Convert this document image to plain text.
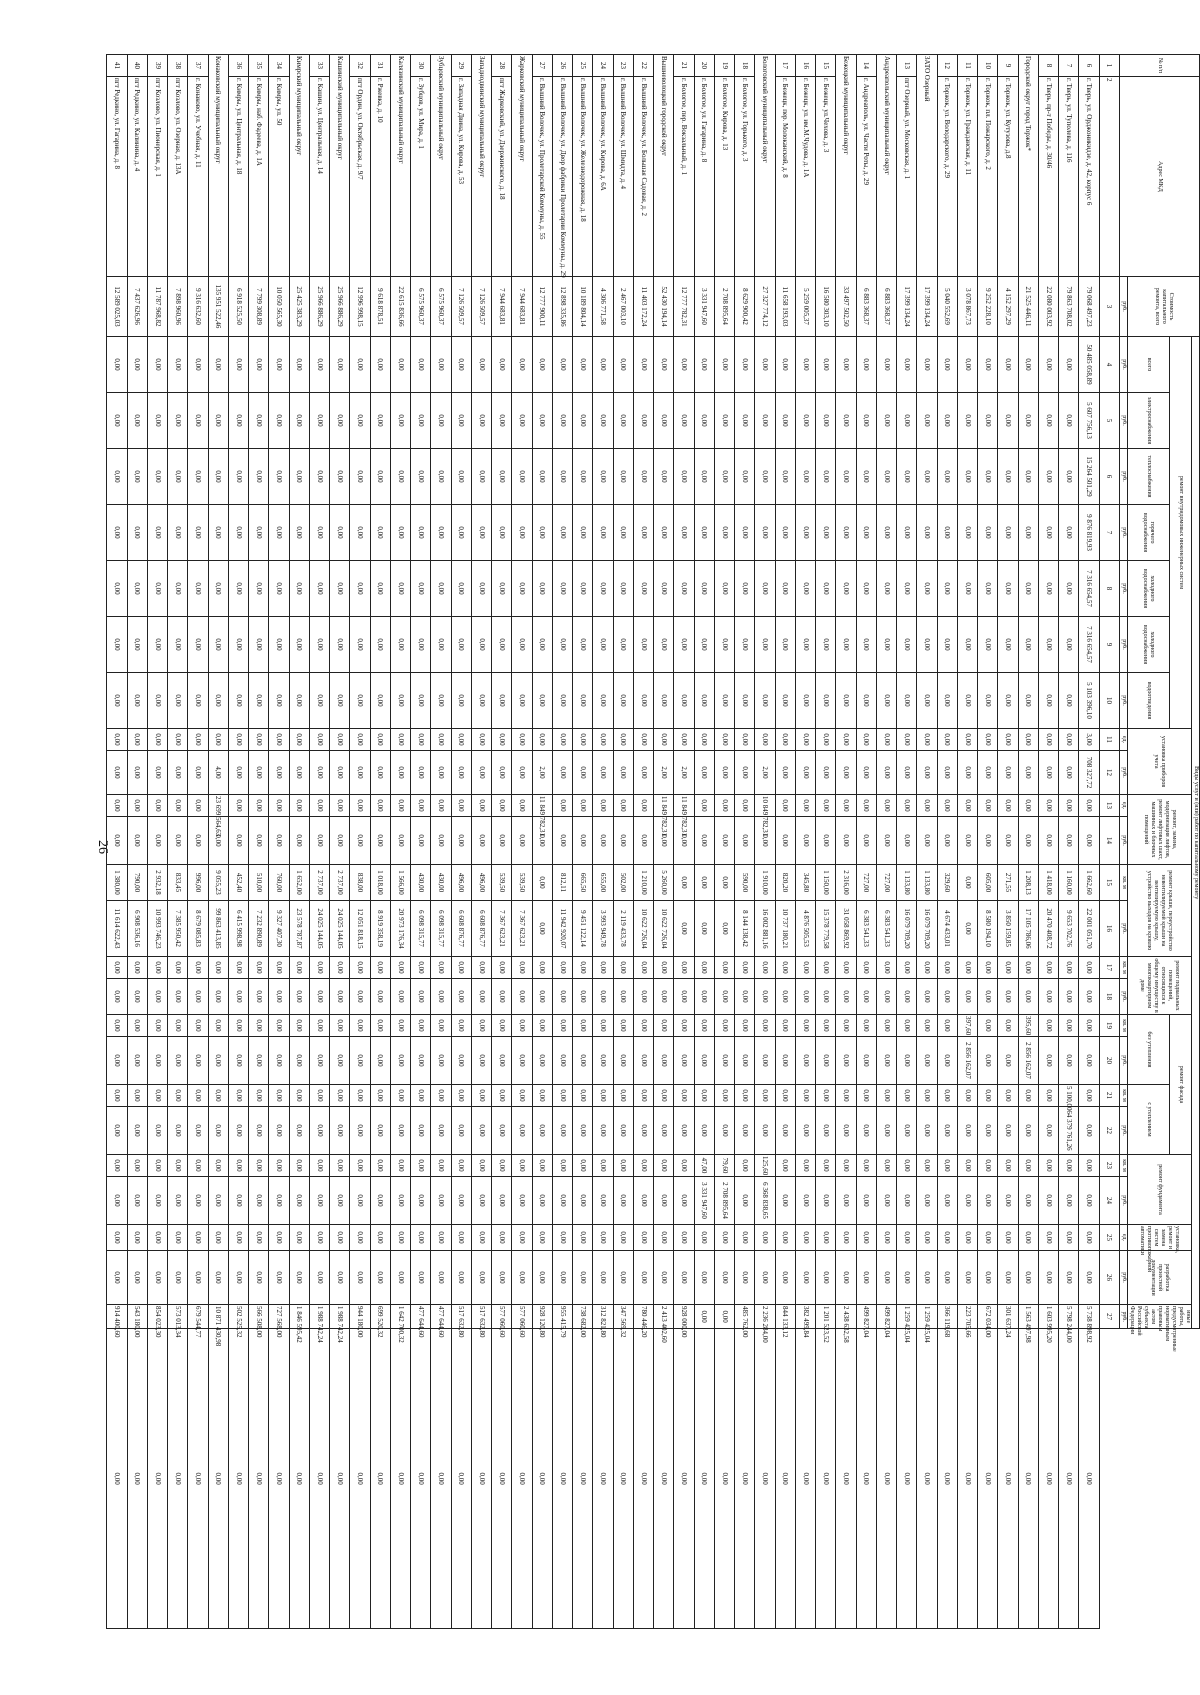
26
№ п/п	Адрес МКД	Стоимость капитального ремонта, всего	Виды услуг и (или) работ по капитальному ремонту																								
			ремонт внутридомовых инженерных систем							установка приборов учета		ремонт, замена, модернизация лифтов, ремонт лифтовых шахт, машинных и блочных помещений		ремонт крыши, переустройство невентилируемой крыши на вентилируемую крышу, устройство выходов на кровлю		ремонт подвальных помещений, относящихся к общему имуществу в многоквартирном доме		ремонт фасада				ремонт фундамента		установка, ремонт и замена систем противопожарной автоматики	разработка проектной документации	иные работы, предусмотренные нормативным правовым актом субъекта Российской Федерации	
			всего	электроснабжения	теплоснабжения	горячего водоснабжения	холодного водоснабжения	холодного водоснабжения	водоотведения									без утепления		с утеплением							
		руб.	руб.	руб.	руб.	руб.	руб.	руб.	руб.	ед.	руб.	ед.	руб.	кв. м	руб.	кв. м	руб.	кв. м	руб.	кв. м	руб.	кв. м	руб.	ед.	руб.	руб.	
1	2	3	4	5	6	7	8	9	10	11	12	13	14	15	16	17	18	19	20	21	22	23	24	25	26	27	
6	г. Тверь, ул. Орджоникидзе, д. 42, корпус 6	79 068 497,23	50 485 058,89	5 607 756,13	15 264 501,29	9 876 819,93	7 316 654,57	7 316 654,57	5 103 396,10	3,00	708 327,72	0,00	0,00	1 662,60	22 001 051,70	0,00	0,00	0,00	0,00	0,00	0,00	0,00	0,00	0,00	0,00	5 738 898,92	0,00
7	г. Тверь, ул. Туполева, д. 116	79 863 708,02	0,00	0,00	0,00	0,00	0,00	0,00	0,00	0,00	0,00	0,00	0,00	1 160,00	9 653 702,76	0,00	0,00	0,00	0,00	5 100,00	64 379 761,26	0,00	0,00	0,00	0,00	5 798 244,00	0,00
8	г. Тверь, пр-т Победы, д. 30/46	22 080 003,92	0,00	0,00	0,00	0,00	0,00	0,00	0,00	0,00	0,00	0,00	0,00	1 418,00	20 470 408,72	0,00	0,00	0,00	0,00	0,00	0,00	0,00	0,00	0,00	0,00	1 603 995,20	0,00
Городской округ город Торжок*		21 525 446,11	0,00	0,00	0,00	0,00	0,00	0,00	0,00	0,00	0,00	0,00	0,00	1 208,13	17 105 786,06	0,00	0,00	395,60	2 856 162,07	0,00	0,00	0,00	0,00	0,00	0,00	1 563 497,98	0,00
9	г. Торжок, ул. Кутузова, д.8	4 152 297,29	0,00	0,00	0,00	0,00	0,00	0,00	0,00	0,00	0,00	0,00	0,00	271,55	3 850 159,85	0,00	0,00	0,00	0,00	0,00	0,00	0,00	0,00	0,00	0,00	301 637,24	0,00
10	г. Торжок, пл. Пожарского, д. 2	9 252 228,10	0,00	0,00	0,00	0,00	0,00	0,00	0,00	0,00	0,00	0,00	0,00	605,00	8 580 194,10	0,00	0,00	0,00	0,00	0,00	0,00	0,00	0,00	0,00	0,00	672 034,00	0,00
11	г. Торжок, ул. Гражданская, д. 11	3 078 867,73	0,00	0,00	0,00	0,00	0,00	0,00	0,00	0,00	0,00	0,00	0,00	0,00	0,00	0,00	0,00	397,60	2 856 162,07	0,00	0,00	0,00	0,00	0,00	0,00	223 705,66	0,00
12	г. Торжок, ул. Володарского, д. 29	5 040 552,69	0,00	0,00	0,00	0,00	0,00	0,00	0,00	0,00	0,00	0,00	0,00	329,60	4 674 433,01	0,00	0,00	0,00	0,00	0,00	0,00	0,00	0,00	0,00	0,00	366 119,68	0,00
ЗАТО Озерный		17 399 134,24	0,00	0,00	0,00	0,00	0,00	0,00	0,00	0,00	0,00	0,00	0,00	1 133,80	16 079 709,20	0,00	0,00	0,00	0,00	0,00	0,00	0,00	0,00	0,00	0,00	1 259 425,04	0,00
13	пгт Озерный, ул. Московская, д. 1	17 399 134,24	0,00	0,00	0,00	0,00	0,00	0,00	0,00	0,00	0,00	0,00	0,00	1 133,80	16 079 709,20	0,00	0,00	0,00	0,00	0,00	0,00	0,00	0,00	0,00	0,00	1 259 425,04	0,00
Андреапольский муниципальный округ		6 883 368,37	0,00	0,00	0,00	0,00	0,00	0,00	0,00	0,00	0,00	0,00	0,00	727,00	6 383 541,33	0,00	0,00	0,00	0,00	0,00	0,00	0,00	0,00	0,00	0,00	499 827,04	0,00
14	г. Андреаполь, ул. Части Роты, д. 29	6 883 368,37	0,00	0,00	0,00	0,00	0,00	0,00	0,00	0,00	0,00	0,00	0,00	727,00	6 383 541,33	0,00	0,00	0,00	0,00	0,00	0,00	0,00	0,00	0,00	0,00	499 827,04	0,00
Бежецкий муниципальный округ		33 497 502,50	0,00	0,00	0,00	0,00	0,00	0,00	0,00	0,00	0,00	0,00	0,00	2 316,00	31 058 869,92	0,00	0,00	0,00	0,00	0,00	0,00	0,00	0,00	0,00	0,00	2 438 632,58	0,00
15	г. Бежецк, ул.Чехова, д. 3	16 580 303,10	0,00	0,00	0,00	0,00	0,00	0,00	0,00	0,00	0,00	0,00	0,00	1 150,00	15 378 779,58	0,00	0,00	0,00	0,00	0,00	0,00	0,00	0,00	0,00	0,00	1 201 523,52	0,00
16	г. Бежецк, ул. им.М.Чудова, д. 1А	5 259 005,37	0,00	0,00	0,00	0,00	0,00	0,00	0,00	0,00	0,00	0,00	0,00	345,80	4 876 505,53	0,00	0,00	0,00	0,00	0,00	0,00	0,00	0,00	0,00	0,00	382 499,84	0,00
17	г. Бежецк, пер. Молоканский, д. 8	11 658 193,03	0,00	0,00	0,00	0,00	0,00	0,00	0,00	0,00	0,00	0,00	0,00	820,20	10 737 180,21	0,00	0,00	0,00	0,00	0,00	0,00	0,00	0,00	0,00	0,00	844 133,12	0,00
Бологовский муниципальный округ		27 327 774,12	0,00	0,00	0,00	0,00	0,00	0,00	0,00	0,00	2,00	10 849 782,31	0,00	1 910,00	16 002 881,16	0,00	0,00	0,00	0,00	0,00	0,00	125,60	6 368 838,65	0,00	0,00	2 236 284,00	0,00
18	г. Бологое, ул. Горького, д. 3	8 629 900,42	0,00	0,00	0,00	0,00	0,00	0,00	0,00	0,00	0,00	0,00	0,00	590,00	8 144 138,42	0,00	0,00	0,00	0,00	0,00	0,00	0,00	0,00	0,00	0,00	485 762,00	0,00
19	г. Бологое, Кирова, д. 13	2 708 895,64	0,00	0,00	0,00	0,00	0,00	0,00	0,00	0,00	0,00	0,00	0,00	0,00	0,00	0,00	0,00	0,00	0,00	0,00	0,00	79,60	2 708 895,64	0,00	0,00	0,00	0,00
20	г. Бологое, ул. Гагарина, д. 8	3 331 947,60	0,00	0,00	0,00	0,00	0,00	0,00	0,00	0,00	0,00	0,00	0,00	0,00	0,00	0,00	0,00	0,00	0,00	0,00	0,00	47,00	3 331 947,60	0,00	0,00	0,00	0,00
21	г. Бологое, пер. Вокзальный, д. 1	12 777 782,31	0,00	0,00	0,00	0,00	0,00	0,00	0,00	0,00	2,00	11 849 782,31	0,00	0,00	0,00	0,00	0,00	0,00	0,00	0,00	0,00	0,00	0,00	0,00	0,00	928 000,00	0,00
Вышневолоцкий городской округ		52 430 194,14	0,00	0,00	0,00	0,00	0,00	0,00	0,00	0,00	2,00	11 849 782,31	0,00	5 260,00	10 622 726,04	0,00	0,00	0,00	0,00	0,00	0,00	0,00	0,00	0,00	0,00	2 413 402,60	0,00
22	г. Вышний Волочек, ул. Большая Садовая, д. 2	11 403 172,24	0,00	0,00	0,00	0,00	0,00	0,00	0,00	0,00	0,00	0,00	0,00	1 210,00	10 622 726,04	0,00	0,00	0,00	0,00	0,00	0,00	0,00	0,00	0,00	0,00	780 446,20	0,00
23	г. Вышний Волочек, ул. Шмидта, д. 4	2 467 003,10	0,00	0,00	0,00	0,00	0,00	0,00	0,00	0,00	0,00	0,00	0,00	502,00	2 119 433,78	0,00	0,00	0,00	0,00	0,00	0,00	0,00	0,00	0,00	0,00	347 569,32	0,00
24	г. Вышний Волочек, ул. Кирова, д. 6А	4 306 771,58	0,00	0,00	0,00	0,00	0,00	0,00	0,00	0,00	0,00	0,00	0,00	655,00	3 993 949,78	0,00	0,00	0,00	0,00	0,00	0,00	0,00	0,00	0,00	0,00	312 821,80	0,00
25	г. Вышний Волочек, ул. Железнодорожная, д. 18	10 189 804,14	0,00	0,00	0,00	0,00	0,00	0,00	0,00	0,00	0,00	0,00	0,00	665,50	9 451 122,14	0,00	0,00	0,00	0,00	0,00	0,00	0,00	0,00	0,00	0,00	738 682,00	0,00
26	г. Вышний Волочек, ул. Двор фабрики Пролетарии Коммуны, д. 29	12 898 335,86	0,00	0,00	0,00	0,00	0,00	0,00	0,00	0,00	0,00	0,00	0,00	812,11	11 942 920,07	0,00	0,00	0,00	0,00	0,00	0,00	0,00	0,00	0,00	0,00	955 415,79	0,00
27	г. Вышний Волочек, ул. Пролетарской Коммуны, д. 55	12 777 900,11	0,00	0,00	0,00	0,00	0,00	0,00	0,00	0,00	2,00	11 849 782,31	0,00	0,00	0,00	0,00	0,00	0,00	0,00	0,00	0,00	0,00	0,00	0,00	0,00	928 120,80	0,00
Жарковский муниципальный округ		7 944 683,81	0,00	0,00	0,00	0,00	0,00	0,00	0,00	0,00	0,00	0,00	0,00	539,50	7 367 623,21	0,00	0,00	0,00	0,00	0,00	0,00	0,00	0,00	0,00	0,00	577 060,60	0,00
28	пгт Жарковский, ул. Дзержинского, д. 18	7 944 683,81	0,00	0,00	0,00	0,00	0,00	0,00	0,00	0,00	0,00	0,00	0,00	539,50	7 367 623,21	0,00	0,00	0,00	0,00	0,00	0,00	0,00	0,00	0,00	0,00	577 060,60	0,00
Западнодвинский муниципальный округ		7 126 509,57	0,00	0,00	0,00	0,00	0,00	0,00	0,00	0,00	0,00	0,00	0,00	496,00	6 608 876,77	0,00	0,00	0,00	0,00	0,00	0,00	0,00	0,00	0,00	0,00	517 632,80	0,00
29	г. Западная Двина, ул. Кирова, д. 53	7 126 509,57	0,00	0,00	0,00	0,00	0,00	0,00	0,00	0,00	0,00	0,00	0,00	496,00	6 608 876,77	0,00	0,00	0,00	0,00	0,00	0,00	0,00	0,00	0,00	0,00	517 632,80	0,00
Зубцовский муниципальный округ		6 575 960,37	0,00	0,00	0,00	0,00	0,00	0,00	0,00	0,00	0,00	0,00	0,00	430,00	6 098 315,77	0,00	0,00	0,00	0,00	0,00	0,00	0,00	0,00	0,00	0,00	477 644,60	0,00
30	г. Зубцов, ул. Мира, д. 1	6 575 960,37	0,00	0,00	0,00	0,00	0,00	0,00	0,00	0,00	0,00	0,00	0,00	430,00	6 098 315,77	0,00	0,00	0,00	0,00	0,00	0,00	0,00	0,00	0,00	0,00	477 644,60	0,00
Калязинский муниципальный округ		22 615 836,66	0,00	0,00	0,00	0,00	0,00	0,00	0,00	0,00	0,00	0,00	0,00	1 566,00	20 973 176,34	0,00	0,00	0,00	0,00	0,00	0,00	0,00	0,00	0,00	0,00	1 642 700,32	0,00
31	г. Ржевка, д. 10	9 618 878,51	0,00	0,00	0,00	0,00	0,00	0,00	0,00	0,00	0,00	0,00	0,00	1 018,00	8 919 358,19	0,00	0,00	0,00	0,00	0,00	0,00	0,00	0,00	0,00	0,00	699 520,32	0,00
32	пгт Ордин, ул. Октябрьская, д. 9/7	12 996 998,15	0,00	0,00	0,00	0,00	0,00	0,00	0,00	0,00	0,00	0,00	0,00	838,00	12 051 818,15	0,00	0,00	0,00	0,00	0,00	0,00	0,00	0,00	0,00	0,00	944 180,00	0,00
Кашинский муниципальный округ		25 966 886,29	0,00	0,00	0,00	0,00	0,00	0,00	0,00	0,00	0,00	0,00	0,00	2 737,00	24 025 144,05	0,00	0,00	0,00	0,00	0,00	0,00	0,00	0,00	0,00	0,00	1 988 742,24	0,00
33	г. Кашин, ул. Центральная, д. 14	25 966 886,29	0,00	0,00	0,00	0,00	0,00	0,00	0,00	0,00	0,00	0,00	0,00	2 737,00	24 025 144,05	0,00	0,00	0,00	0,00	0,00	0,00	0,00	0,00	0,00	0,00	1 988 742,24	0,00
Кимрский муниципальный округ		25 425 383,29	0,00	0,00	0,00	0,00	0,00	0,00	0,00	0,00	0,00	0,00	0,00	1 652,00	23 578 787,87	0,00	0,00	0,00	0,00	0,00	0,00	0,00	0,00	0,00	0,00	1 846 595,42	0,00
34	г. Кимры, ул. 50	10 050 565,30	0,00	0,00	0,00	0,00	0,00	0,00	0,00	0,00	0,00	0,00	0,00	760,00	9 327 407,30	0,00	0,00	0,00	0,00	0,00	0,00	0,00	0,00	0,00	0,00	727 568,00	0,00
35	г. Кимры, наб. Фадеева, д. 1А	7 799 308,89	0,00	0,00	0,00	0,00	0,00	0,00	0,00	0,00	0,00	0,00	0,00	510,00	7 232 890,89	0,00	0,00	0,00	0,00	0,00	0,00	0,00	0,00	0,00	0,00	566 508,00	0,00
36	г. Кимры, ул. Центральная, д. 18	6 918 525,50	0,00	0,00	0,00	0,00	0,00	0,00	0,00	0,00	0,00	0,00	0,00	452,40	6 415 998,98	0,00	0,00	0,00	0,00	0,00	0,00	0,00	0,00	0,00	0,00	502 525,32	0,00
Конаковский муниципальный округ		135 951 522,46	0,00	0,00	0,00	0,00	0,00	0,00	0,00	0,00	4,00	23 699 564,63	0,00	9 055,23	99 863 413,85	0,00	0,00	0,00	0,00	0,00	0,00	0,00	0,00	0,00	0,00	10 871 430,98	0,00
37	г. Конаково, ул. Учебная, д. 11	9 316 632,60	0,00	0,00	0,00	0,00	0,00	0,00	0,00	0,00	0,00	0,00	0,00	996,00	8 679 085,83	0,00	0,00	0,00	0,00	0,00	0,00	0,00	0,00	0,00	0,00	679 544,77	0,00
38	пгт Козлово, ул. Озерная, д. 13А	7 898 960,96	0,00	0,00	0,00	0,00	0,00	0,00	0,00	0,00	0,00	0,00	0,00	833,45	7 385 950,42	0,00	0,00	0,00	0,00	0,00	0,00	0,00	0,00	0,00	0,00	573 013,34	0,00
39	пгт Козлово, ул. Пионерская, д. 1	11 787 968,82	0,00	0,00	0,00	0,00	0,00	0,00	0,00	0,00	0,00	0,00	0,00	2 932,18	10 993 746,23	0,00	0,00	0,00	0,00	0,00	0,00	0,00	0,00	0,00	0,00	854 023,30	0,00
40	пгт Редкино, ул. Калинина, д. 4	7 437 626,96	0,00	0,00	0,00	0,00	0,00	0,00	0,00	0,00	0,00	0,00	0,00	790,00	6 908 536,16	0,00	0,00	0,00	0,00	0,00	0,00	0,00	0,00	0,00	0,00	543 180,00	0,00
41	пгт Редкино, ул. Гагарина, д. 8	12 589 025,03	0,00	0,00	0,00	0,00	0,00	0,00	0,00	0,00	0,00	0,00	0,00	1 380,00	11 614 622,43	0,00	0,00	0,00	0,00	0,00	0,00	0,00	0,00	0,00	0,00	914 400,60	0,00
